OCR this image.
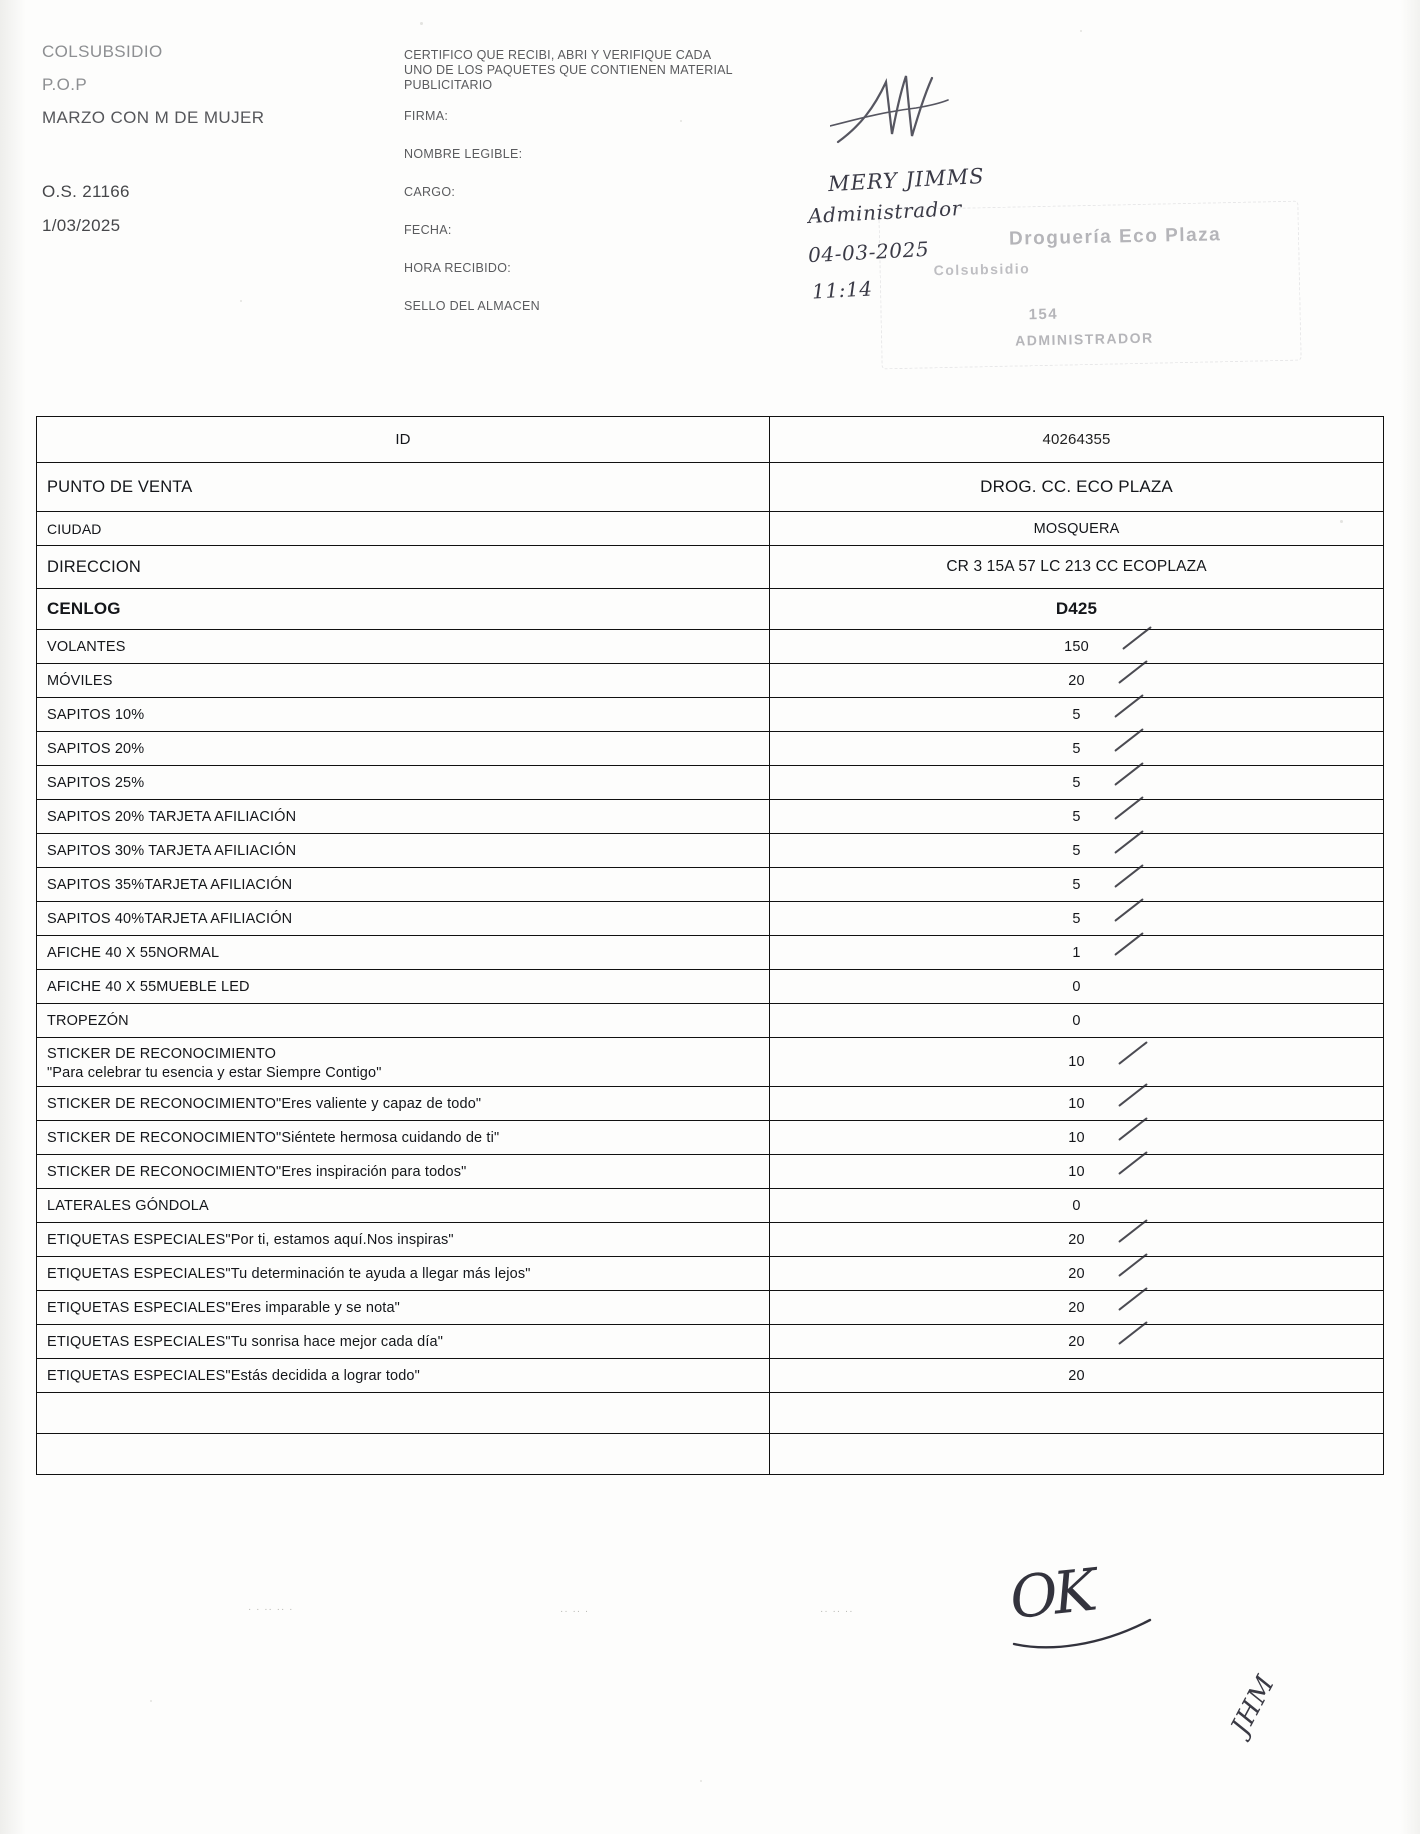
COLSUBSIDIO
P.O.P
MARZO CON M DE MUJER
O.S. 21166
1/03/2025
CERTIFICO QUE RECIBI, ABRI Y VERIFIQUE CADA UNO DE LOS PAQUETES QUE CONTIENEN MATERIAL PUBLICITARIO
FIRMA:
NOMBRE LEGIBLE:
CARGO:
FECHA:
HORA RECIBIDO:
SELLO DEL ALMACEN
MERY JIMMS
Administrador
04-03-2025
11:14
Droguería Eco Plaza
Colsubsidio
154
ADMINISTRADOR
ID	40264355
PUNTO DE VENTA	DROG. CC. ECO PLAZA
CIUDAD	MOSQUERA
DIRECCION	CR 3 15A 57 LC 213 CC ECOPLAZA
CENLOG	D425
VOLANTES	150
MÓVILES	20
SAPITOS 10%	5
SAPITOS 20%	5
SAPITOS 25%	5
SAPITOS 20% TARJETA AFILIACIÓN	5
SAPITOS 30% TARJETA AFILIACIÓN	5
SAPITOS 35%TARJETA AFILIACIÓN	5
SAPITOS 40%TARJETA AFILIACIÓN	5
AFICHE 40 X 55NORMAL	1
AFICHE 40 X 55MUEBLE LED	0
TROPEZÓN	0
STICKER DE RECONOCIMIENTO
"Para celebrar tu esencia y estar Siempre Contigo"	10
STICKER DE RECONOCIMIENTO"Eres valiente y capaz de todo"	10
STICKER DE RECONOCIMIENTO"Siéntete hermosa cuidando de ti"	10
STICKER DE RECONOCIMIENTO"Eres inspiración para todos"	10
LATERALES GÓNDOLA	0
ETIQUETAS ESPECIALES"Por ti, estamos aquí.Nos inspiras"	20
ETIQUETAS ESPECIALES"Tu determinación te ayuda a llegar más lejos"	20
ETIQUETAS ESPECIALES"Eres imparable y se nota"	20
ETIQUETAS ESPECIALES"Tu sonrisa hace mejor cada día"	20
ETIQUETAS ESPECIALES"Estás decidida a lograr todo"	20

OK
JHM
· · ·· ·· ·	·· ·· ·	·· ·· ··
